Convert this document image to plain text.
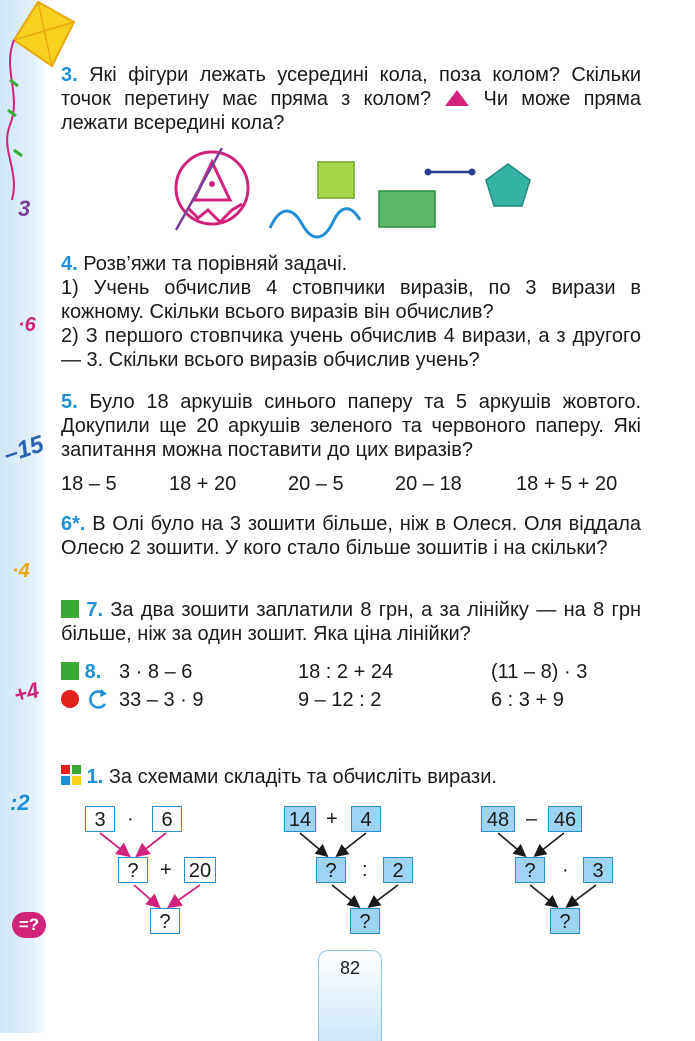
3
·6
–15
·4
+4
:2
=?
3. Які фігури лежать усередині кола, поза колом? Скільки точок перетину має пряма з колом?	Чи може пряма лежати всередині кола?
4. Розв’яжи та порівняй задачі.
1) Учень обчислив 4 стовпчики виразів, по 3 вирази в кожному. Скільки всього виразів він обчислив?
2) З першого стовпчика учень обчислив 4 вирази, а з другого — 3. Скільки всього виразів обчислив учень?
5. Було 18 аркушів синього паперу та 5 аркушів жовтого. Докупили ще 20 аркушів зеленого та червоного паперу. Які запитання можна поставити до цих виразів?
18 – 5	18 + 20	20 – 5	20 – 18	18 + 5 + 20
6*. В Олі було на 3 зошити більше, ніж в Олеся. Оля віддала Олесю 2 зошити. У кого стало більше зошитів і на скільки?
7. За два зошити заплатили 8 грн, а за лінійку — на 8 грн більше, ніж за один зошит. Яка ціна лінійки?
8. 3 · 8 – 6	18 : 2 + 24	(11 – 8) · 3
33 – 3 · 9	9 – 12 : 2	6 : 3 + 9
1. За схемами складіть та обчисліть вирази.
3	·	6
?	+ 20
?
14 +	4
?	:	2
?
48 – 46
?	·	3
?
82
